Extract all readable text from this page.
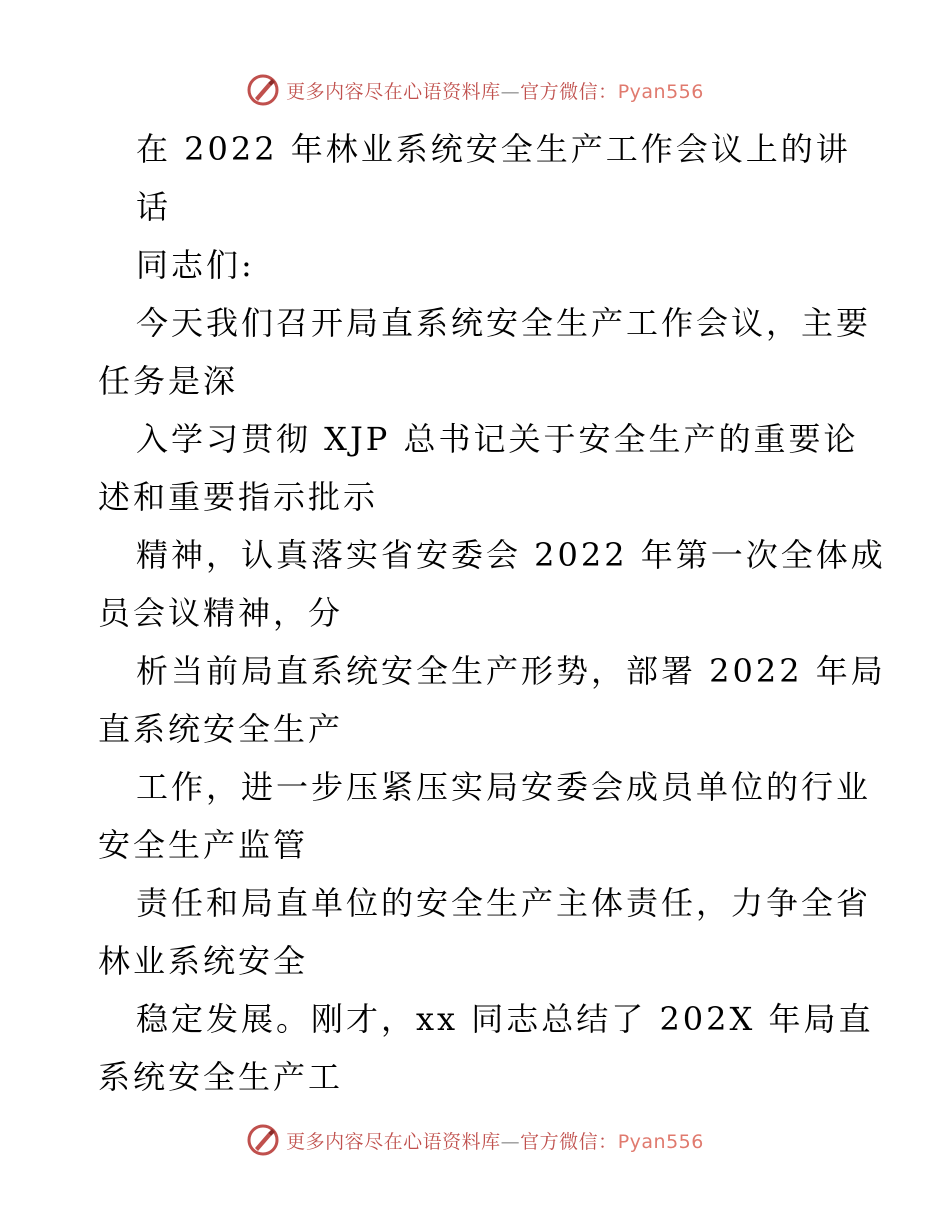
更多内容尽在心语资料库—官方微信：Pyan556
在 2022 年林业系统安全生产工作会议上的讲
话
同志们:
今天我们召开局直系统安全生产工作会议，主要
任务是深
入学习贯彻 XJP 总书记关于安全生产的重要论
述和重要指示批示
精神，认真落实省安委会 2022 年第一次全体成
员会议精神，分
析当前局直系统安全生产形势，部署 2022 年局
直系统安全生产
工作，进一步压紧压实局安委会成员单位的行业
安全生产监管
责任和局直单位的安全生产主体责任，力争全省
林业系统安全
稳定发展。刚才，xx 同志总结了 202X 年局直
系统安全生产工
更多内容尽在心语资料库—官方微信：Pyan556
